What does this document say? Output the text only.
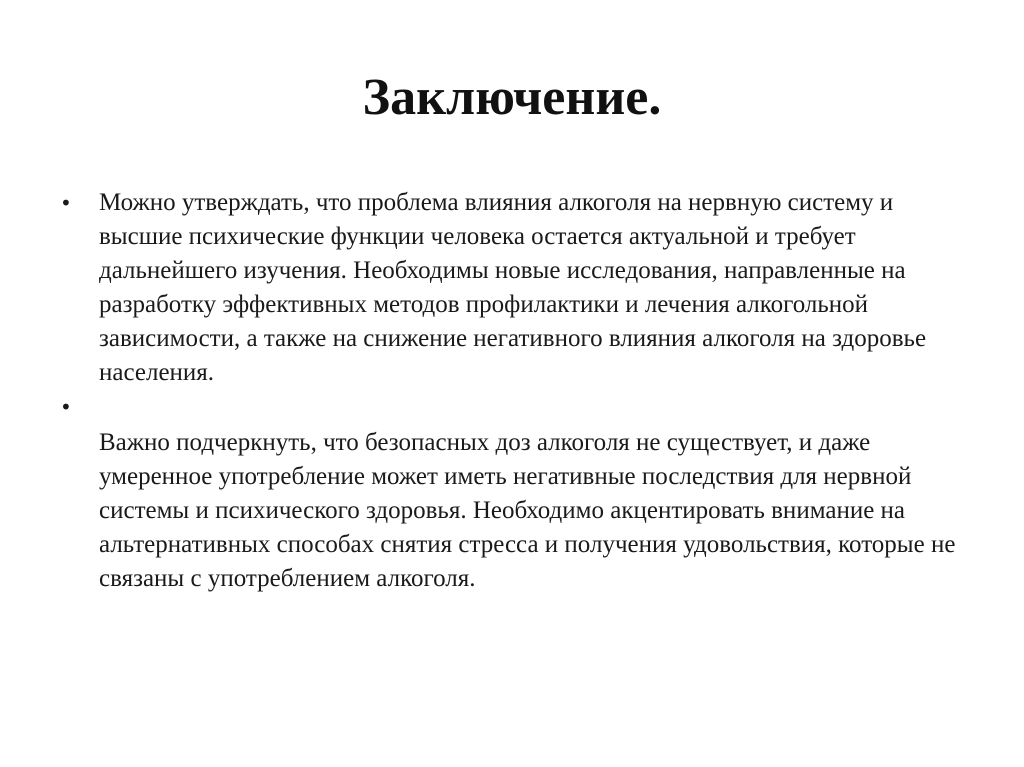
Заключение.
• Можно утверждать, что проблема влияния алкоголя на нервную систему и высшие психические функции человека остается актуальной и требует дальнейшего изучения. Необходимы новые исследования, направленные на разработку эффективных методов профилактики и лечения алкогольной зависимости, а также на снижение негативного влияния алкоголя на здоровье населения.
•
Важно подчеркнуть, что безопасных доз алкоголя не существует, и даже умеренное употребление может иметь негативные последствия для нервной системы и психического здоровья. Необходимо акцентировать внимание на альтернативных способах снятия стресса и получения удовольствия, которые не связаны с употреблением алкоголя.
